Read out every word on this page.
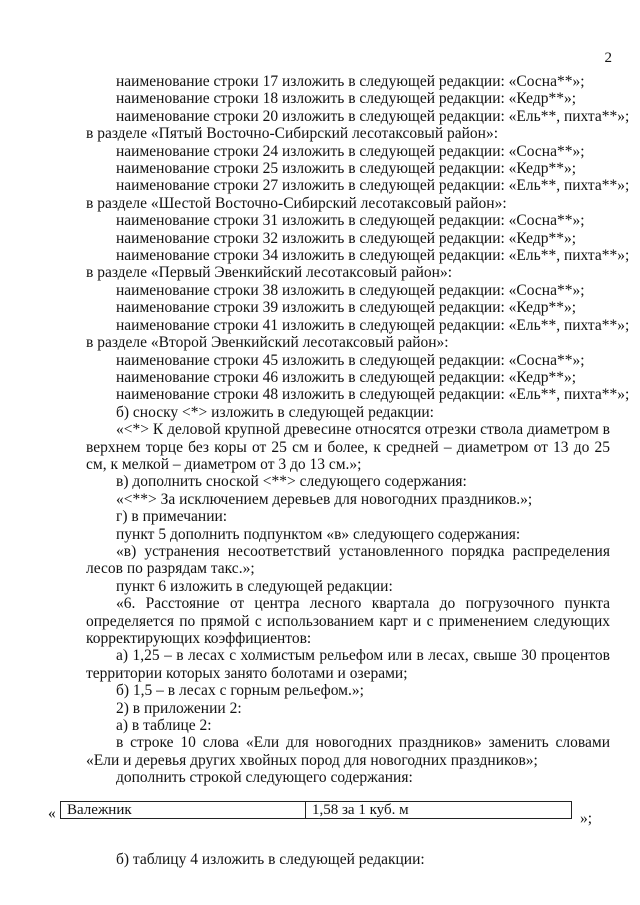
2
наименование строки 17 изложить в следующей редакции: «Сосна**»;
наименование строки 18 изложить в следующей редакции: «Кедр**»;
наименование строки 20 изложить в следующей редакции: «Ель**, пихта**»;
в разделе «Пятый Восточно-Сибирский лесотаксовый район»:
наименование строки 24 изложить в следующей редакции: «Сосна**»;
наименование строки 25 изложить в следующей редакции: «Кедр**»;
наименование строки 27 изложить в следующей редакции: «Ель**, пихта**»;
в разделе «Шестой Восточно-Сибирский лесотаксовый район»:
наименование строки 31 изложить в следующей редакции: «Сосна**»;
наименование строки 32 изложить в следующей редакции: «Кедр**»;
наименование строки 34 изложить в следующей редакции: «Ель**, пихта**»;
в разделе «Первый Эвенкийский лесотаксовый район»:
наименование строки 38 изложить в следующей редакции: «Сосна**»;
наименование строки 39 изложить в следующей редакции: «Кедр**»;
наименование строки 41 изложить в следующей редакции: «Ель**, пихта**»;
в разделе «Второй Эвенкийский лесотаксовый район»:
наименование строки 45 изложить в следующей редакции: «Сосна**»;
наименование строки 46 изложить в следующей редакции: «Кедр**»;
наименование строки 48 изложить в следующей редакции: «Ель**, пихта**»;
б) сноску <*> изложить в следующей редакции:
«<*> К деловой крупной древесине относятся отрезки ствола диаметром в верхнем торце без коры от 25 см и более, к средней – диаметром от 13 до 25 см, к мелкой – диаметром от 3 до 13 см.»;
в) дополнить сноской <**> следующего содержания:
«<**> За исключением деревьев для новогодних праздников.»;
г) в примечании:
пункт 5 дополнить подпунктом «в» следующего содержания:
«в) устранения несоответствий установленного порядка распределения лесов по разрядам такс.»;
пункт 6 изложить в следующей редакции:
«6. Расстояние от центра лесного квартала до погрузочного пункта определяется по прямой с использованием карт и с применением следующих корректирующих коэффициентов:
а) 1,25 – в лесах с холмистым рельефом или в лесах, свыше 30 процентов территории которых занято болотами и озерами;
б) 1,5 – в лесах с горным рельефом.»;
2) в приложении 2:
а) в таблице 2:
в строке 10 слова «Ели для новогодних праздников» заменить словами «Ели и деревья других хвойных пород для новогодних праздников»;
дополнить строкой следующего содержания:
« Валежник	1,58 за 1 куб. м	»;
б) таблицу 4 изложить в следующей редакции:
